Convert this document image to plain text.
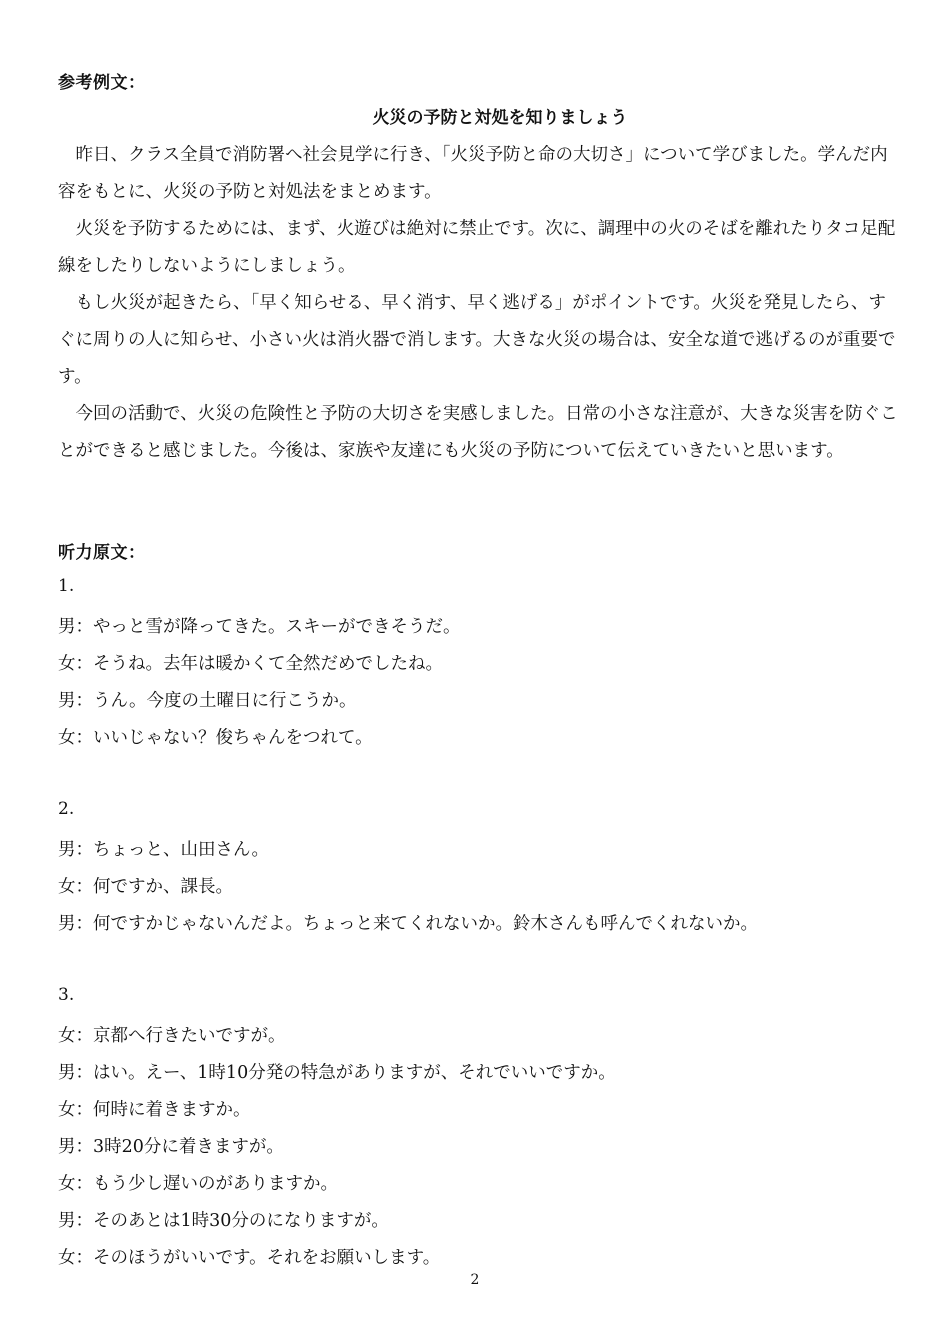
参考例文：
火災の予防と対処を知りましょう

昨日、クラス全員で消防署へ社会見学に行き、「火災予防と命の大切さ」について学びました。学んだ内容をもとに、火災の予防と対処法をまとめます。

火災を予防するためには、まず、火遊びは絶対に禁止です。次に、調理中の火のそばを離れたりタコ足配線をしたりしないようにしましょう。

もし火災が起きたら、「早く知らせる、早く消す、早く逃げる」がポイントです。火災を発見したら、すぐに周りの人に知らせ、小さい火は消火器で消します。大きな火災の場合は、安全な道で逃げるのが重要です。

今回の活動で、火災の危険性と予防の大切さを実感しました。日常の小さな注意が、大きな災害を防ぐことができると感じました。今後は、家族や友達にも火災の予防について伝えていきたいと思います。

听力原文：
1.
男：やっと雪が降ってきた。スキーができそうだ。
女：そうね。去年は暖かくて全然だめでしたね。
男：うん。今度の土曜日に行こうか。
女：いいじゃない？俊ちゃんをつれて。
2.
男：ちょっと、山田さん。
女：何ですか、課長。
男：何ですかじゃないんだよ。ちょっと来てくれないか。鈴木さんも呼んでくれないか。
3.
女：京都へ行きたいですが。
男：はい。えー、1時10分発の特急がありますが、それでいいですか。
女：何時に着きますか。
男：3時20分に着きますが。
女：もう少し遅いのがありますか。
男：そのあとは1時30分のになりますが。
女：そのほうがいいです。それをお願いします。
2
